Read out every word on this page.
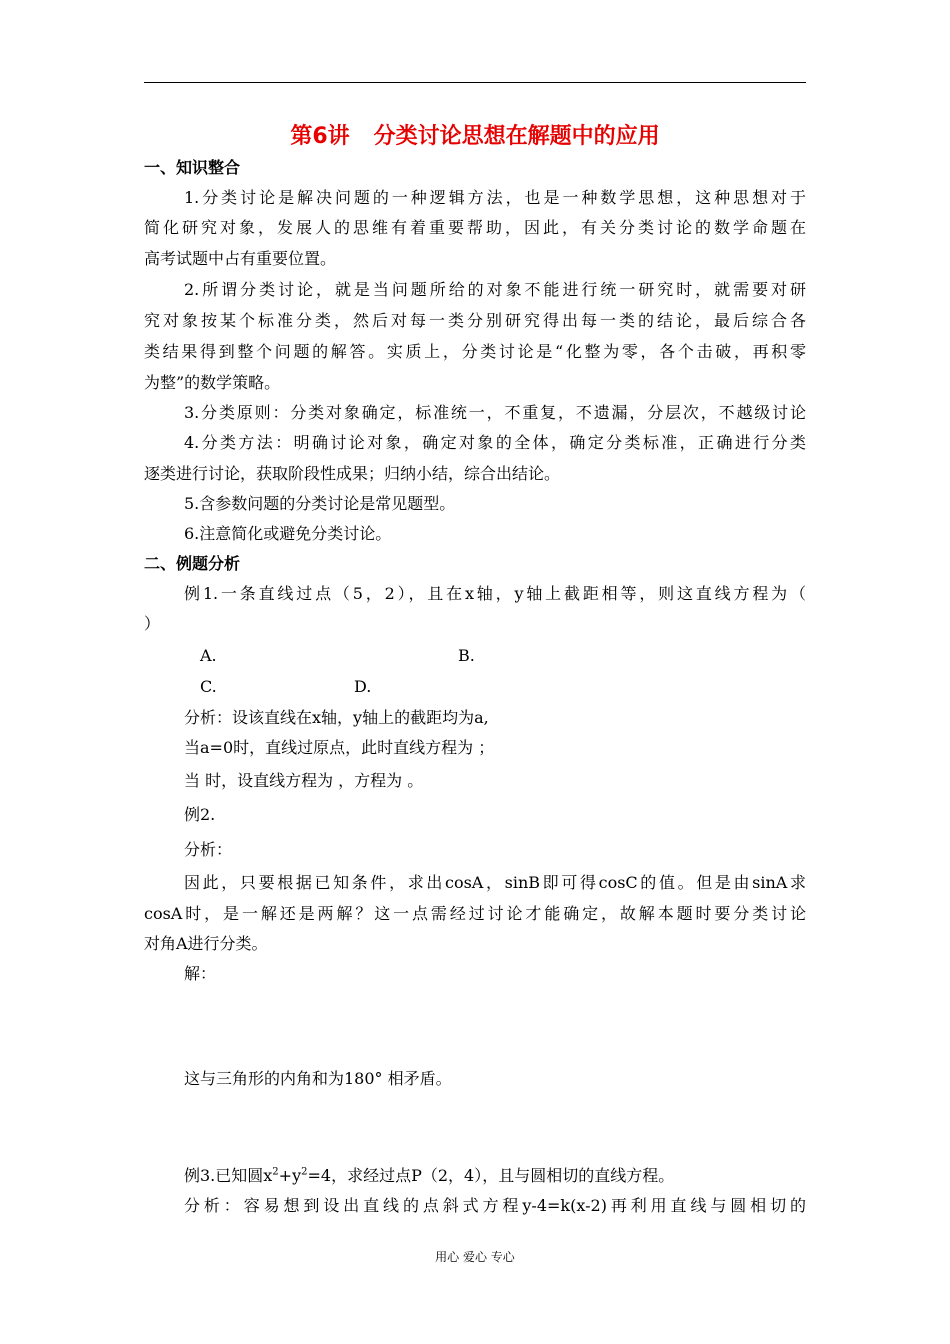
第6讲 分类讨论思想在解题中的应用
一、知识整合
1.分类讨论是解决问题的一种逻辑方法，也是一种数学思想，这种思想对于
简化研究对象，发展人的思维有着重要帮助，因此，有关分类讨论的数学命题在
高考试题中占有重要位置。
2.所谓分类讨论，就是当问题所给的对象不能进行统一研究时，就需要对研
究对象按某个标准分类，然后对每一类分别研究得出每一类的结论，最后综合各
类结果得到整个问题的解答。实质上，分类讨论是“化整为零，各个击破，再积零
为整”的数学策略。
3.分类原则：分类对象确定，标准统一，不重复，不遗漏，分层次，不越级讨论
4.分类方法：明确讨论对象，确定对象的全体，确定分类标准，正确进行分类
逐类进行讨论，获取阶段性成果；归纳小结，综合出结论。
5.含参数问题的分类讨论是常见题型。
6.注意简化或避免分类讨论。
二、例题分析
例1.一条直线过点（5，2），且在x轴，y轴上截距相等，则这直线方程为（
）
A.	B.
C.	D.
分析：设该直线在x轴，y轴上的截距均为a,
当a=0时，直线过原点，此时直线方程为 ；
当 时，设直线方程为 ，方程为 。
例2.
分析：
因此，只要根据已知条件，求出cosA，sinB即可得cosC的值。但是由sinA求
cosA时，是一解还是两解？这一点需经过讨论才能确定，故解本题时要分类讨论
对角A进行分类。
解：
这与三角形的内角和为180° 相矛盾。
例3.已知圆$x^2+y^2=4$，求经过点P（2，4），且与圆相切的直线方程。
分析：容易想到设出直线的点斜式方程y-4=k(x-2)再利用直线与圆相切的
用心 爱心 专心
